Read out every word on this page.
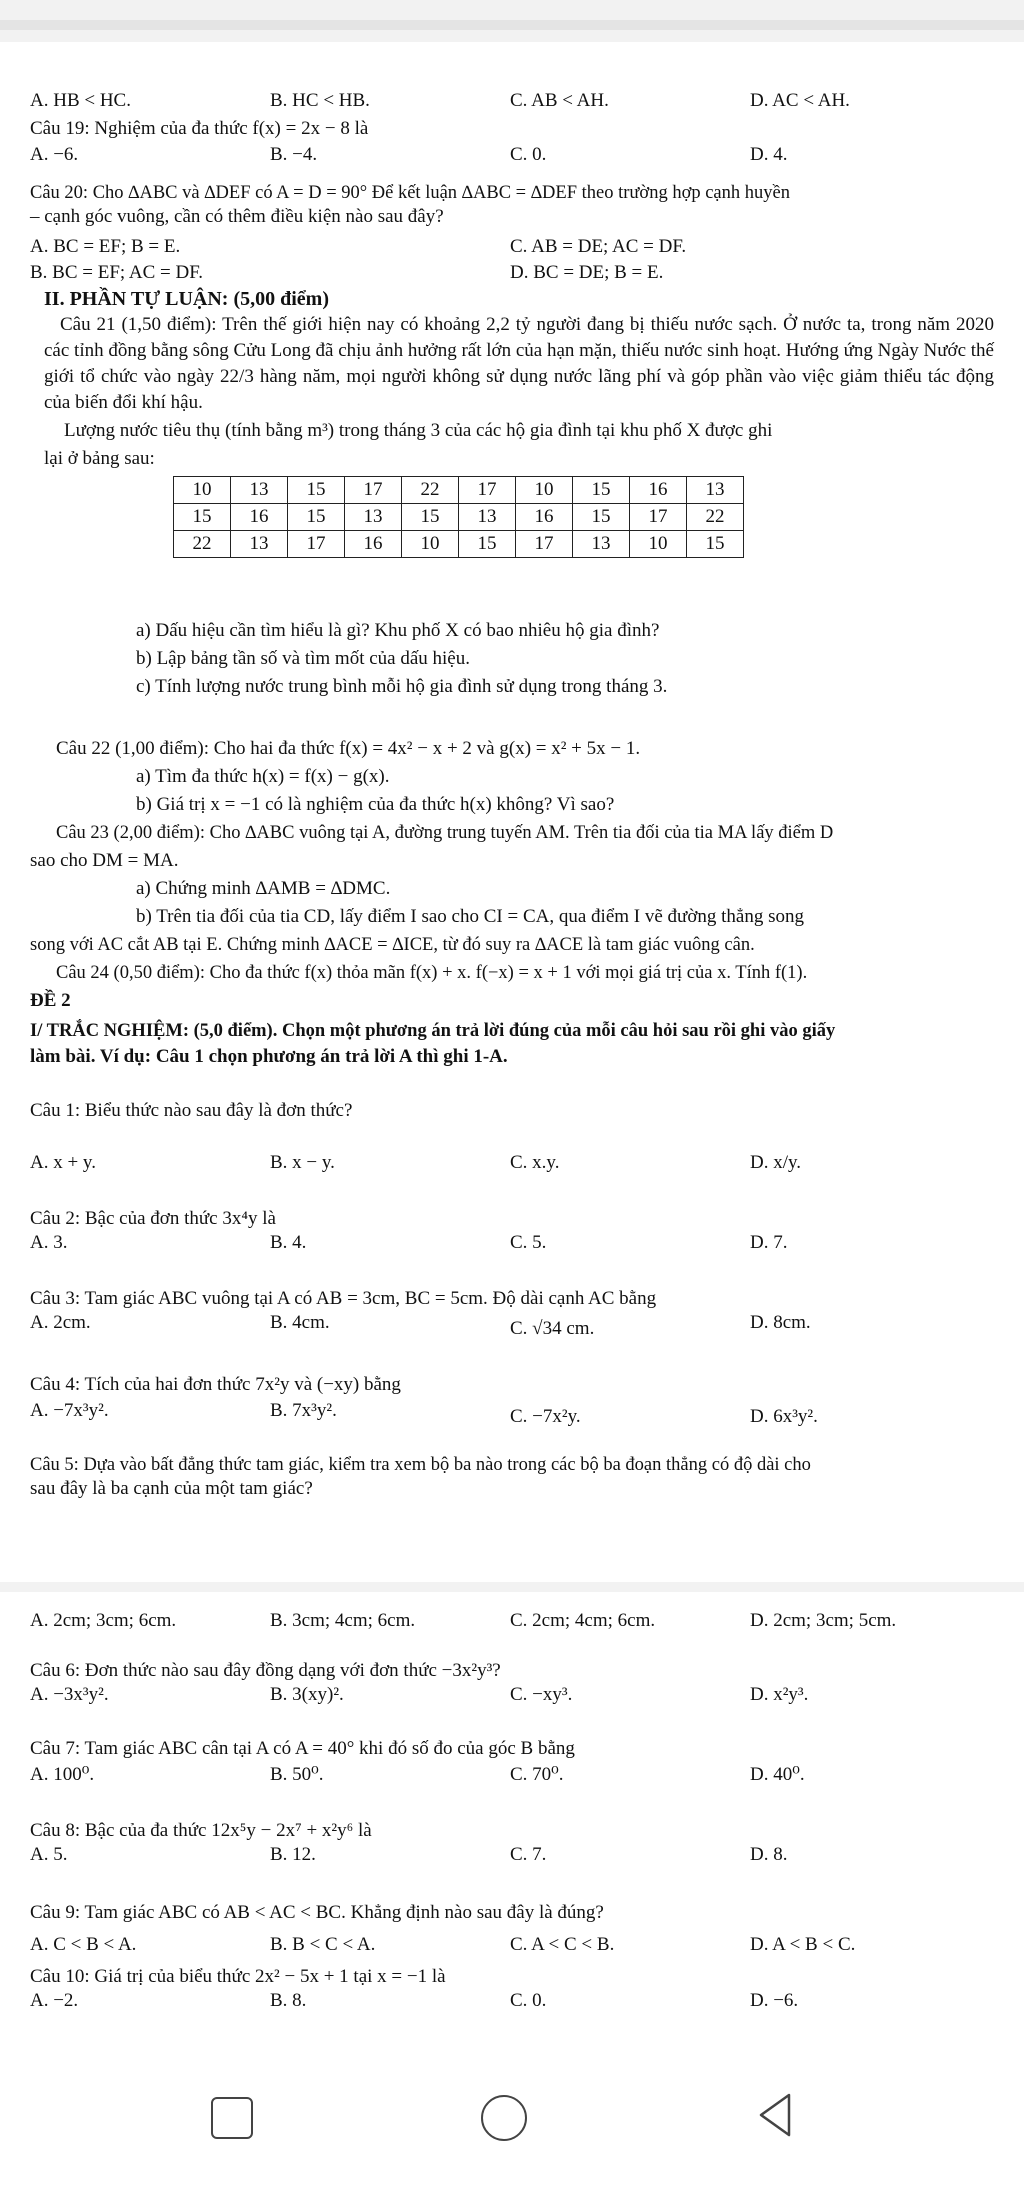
A. HB < HC.	B. HC < HB.	C. AB < AH.	D. AC < AH.
Câu 19: Nghiệm của đa thức f(x) = 2x − 8 là
A. −6.	B. −4.	C. 0.	D. 4.
Câu 20: Cho ∆ABC và ∆DEF có A = D = 90° Để kết luận ∆ABC = ∆DEF theo trường hợp cạnh huyền
– cạnh góc vuông, cần có thêm điều kiện nào sau đây?
A. BC = EF; B = E.	C. AB = DE; AC = DF.
B. BC = EF; AC = DF.	D. BC = DE; B = E.
II. PHẦN TỰ LUẬN: (5,00 điểm)
Câu 21 (1,50 điểm): Trên thế giới hiện nay có khoảng 2,2 tỷ người đang bị thiếu nước sạch. Ở nước ta, trong năm 2020 các tỉnh đồng bằng sông Cửu Long đã chịu ảnh hưởng rất lớn của hạn mặn, thiếu nước sinh hoạt. Hướng ứng Ngày Nước thế giới tổ chức vào ngày 22/3 hàng năm, mọi người không sử dụng nước lãng phí và góp phần vào việc giảm thiểu tác động của biến đổi khí hậu.
Lượng nước tiêu thụ (tính bằng m³) trong tháng 3 của các hộ gia đình tại khu phố X được ghi
lại ở bảng sau:
10	13	15	17	22	17	10	15	16	13
15	16	15	13	15	13	16	15	17	22
22	13	17	16	10	15	17	13	10	15
a) Dấu hiệu cần tìm hiểu là gì? Khu phố X có bao nhiêu hộ gia đình?
b) Lập bảng tần số và tìm mốt của dấu hiệu.
c) Tính lượng nước trung bình mỗi hộ gia đình sử dụng trong tháng 3.
Câu 22 (1,00 điểm): Cho hai đa thức f(x) = 4x² − x + 2 và g(x) = x² + 5x − 1.
a) Tìm đa thức h(x) = f(x) − g(x).
b) Giá trị x = −1 có là nghiệm của đa thức h(x) không? Vì sao?
Câu 23 (2,00 điểm): Cho ∆ABC vuông tại A, đường trung tuyến AM. Trên tia đối của tia MA lấy điểm D
sao cho DM = MA.
a) Chứng minh ∆AMB = ∆DMC.
b) Trên tia đối của tia CD, lấy điểm I sao cho CI = CA, qua điểm I vẽ đường thẳng song
song với AC cắt AB tại E. Chứng minh ∆ACE = ∆ICE, từ đó suy ra ∆ACE là tam giác vuông cân.
Câu 24 (0,50 điểm): Cho đa thức f(x) thỏa mãn f(x) + x. f(−x) = x + 1 với mọi giá trị của x. Tính f(1).
ĐỀ 2
I/ TRẮC NGHIỆM: (5,0 điểm). Chọn một phương án trả lời đúng của mỗi câu hỏi sau rồi ghi vào giấy
làm bài. Ví dụ: Câu 1 chọn phương án trả lời A thì ghi 1-A.
Câu 1: Biểu thức nào sau đây là đơn thức?
A. x + y.	B. x − y.	C. x.y.	D. x/y.
Câu 2: Bậc của đơn thức 3x⁴y là
A. 3.	B. 4.	C. 5.	D. 7.
Câu 3: Tam giác ABC vuông tại A có AB = 3cm, BC = 5cm. Độ dài cạnh AC bằng
A. 2cm.	B. 4cm.	C. √34 cm.	D. 8cm.
Câu 4: Tích của hai đơn thức 7x²y và (−xy) bằng
A. −7x³y².	B. 7x³y².	C. −7x²y.	D. 6x³y².
Câu 5: Dựa vào bất đẳng thức tam giác, kiểm tra xem bộ ba nào trong các bộ ba đoạn thẳng có độ dài cho
sau đây là ba cạnh của một tam giác?
A. 2cm; 3cm; 6cm.	B. 3cm; 4cm; 6cm.	C. 2cm; 4cm; 6cm.	D. 2cm; 3cm; 5cm.
Câu 6: Đơn thức nào sau đây đồng dạng với đơn thức −3x²y³?
A. −3x³y².	B. 3(xy)².	C. −xy³.	D. x²y³.
Câu 7: Tam giác ABC cân tại A có A = 40° khi đó số đo của góc B bằng
A. 100⁰.	B. 50⁰.	C. 70⁰.	D. 40⁰.
Câu 8: Bậc của đa thức 12x⁵y − 2x⁷ + x²y⁶ là
A. 5.	B. 12.	C. 7.	D. 8.
Câu 9: Tam giác ABC có AB < AC < BC. Khẳng định nào sau đây là đúng?
A. C < B < A.	B. B < C < A.	C. A < C < B.	D. A < B < C.
Câu 10: Giá trị của biểu thức 2x² − 5x + 1 tại x = −1 là
A. −2.	B. 8.	C. 0.	D. −6.
